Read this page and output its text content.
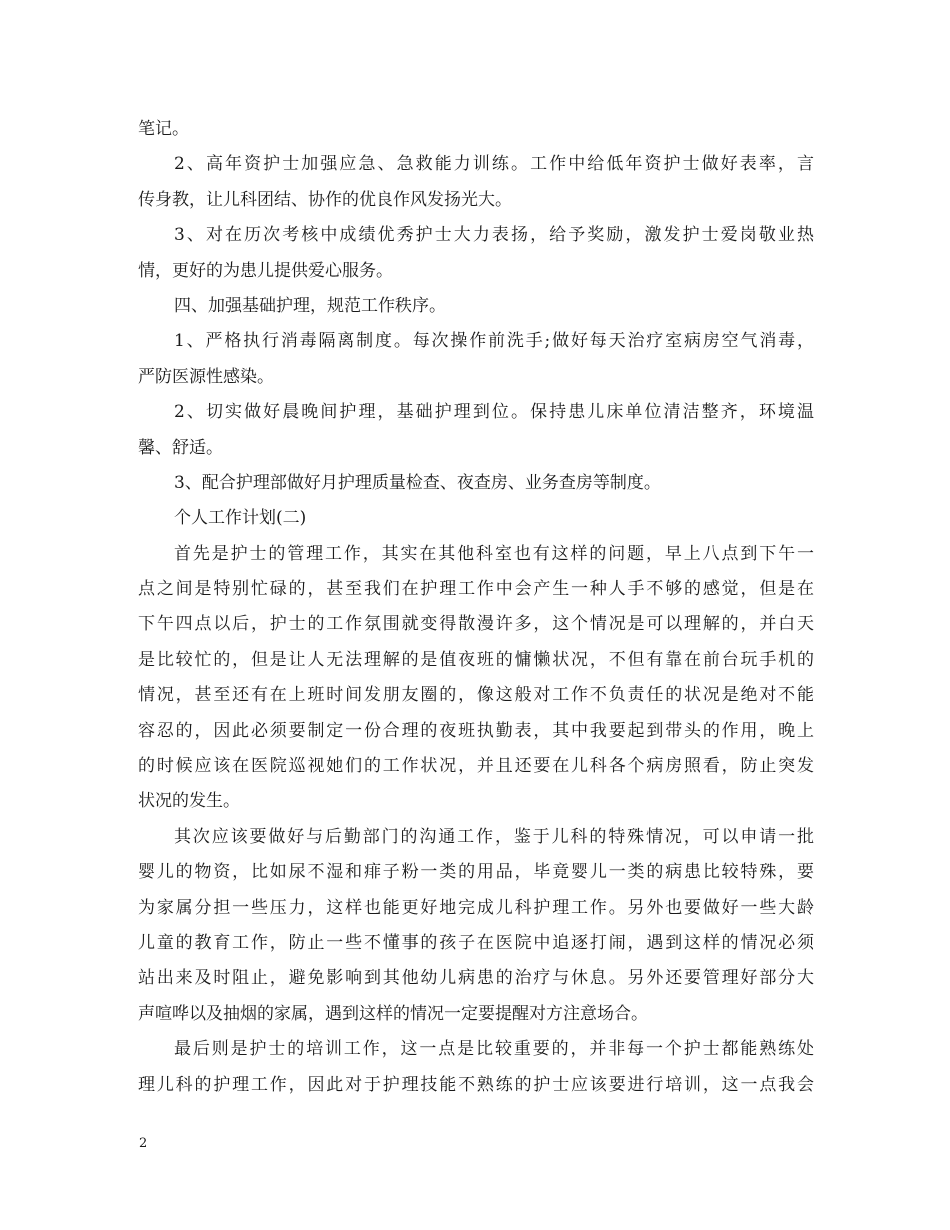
笔记。
2、高年资护士加强应急、急救能力训练。工作中给低年资护士做好表率，言
传身教，让儿科团结、协作的优良作风发扬光大。
3、对在历次考核中成绩优秀护士大力表扬，给予奖励，激发护士爱岗敬业热
情，更好的为患儿提供爱心服务。
四、加强基础护理，规范工作秩序。
1、严格执行消毒隔离制度。每次操作前洗手;做好每天治疗室病房空气消毒，
严防医源性感染。
2、切实做好晨晚间护理，基础护理到位。保持患儿床单位清洁整齐，环境温
馨、舒适。
3、配合护理部做好月护理质量检查、夜查房、业务查房等制度。
个人工作计划(二)
首先是护士的管理工作，其实在其他科室也有这样的问题，早上八点到下午一
点之间是特别忙碌的，甚至我们在护理工作中会产生一种人手不够的感觉，但是在
下午四点以后，护士的工作氛围就变得散漫许多，这个情况是可以理解的，并白天
是比较忙的，但是让人无法理解的是值夜班的慵懒状况，不但有靠在前台玩手机的
情况，甚至还有在上班时间发朋友圈的，像这般对工作不负责任的状况是绝对不能
容忍的，因此必须要制定一份合理的夜班执勤表，其中我要起到带头的作用，晚上
的时候应该在医院巡视她们的工作状况，并且还要在儿科各个病房照看，防止突发
状况的发生。
其次应该要做好与后勤部门的沟通工作，鉴于儿科的特殊情况，可以申请一批
婴儿的物资，比如尿不湿和痱子粉一类的用品，毕竟婴儿一类的病患比较特殊，要
为家属分担一些压力，这样也能更好地完成儿科护理工作。另外也要做好一些大龄
儿童的教育工作，防止一些不懂事的孩子在医院中追逐打闹，遇到这样的情况必须
站出来及时阻止，避免影响到其他幼儿病患的治疗与休息。另外还要管理好部分大
声喧哗以及抽烟的家属，遇到这样的情况一定要提醒对方注意场合。
最后则是护士的培训工作，这一点是比较重要的，并非每一个护士都能熟练处
理儿科的护理工作，因此对于护理技能不熟练的护士应该要进行培训，这一点我会
2
